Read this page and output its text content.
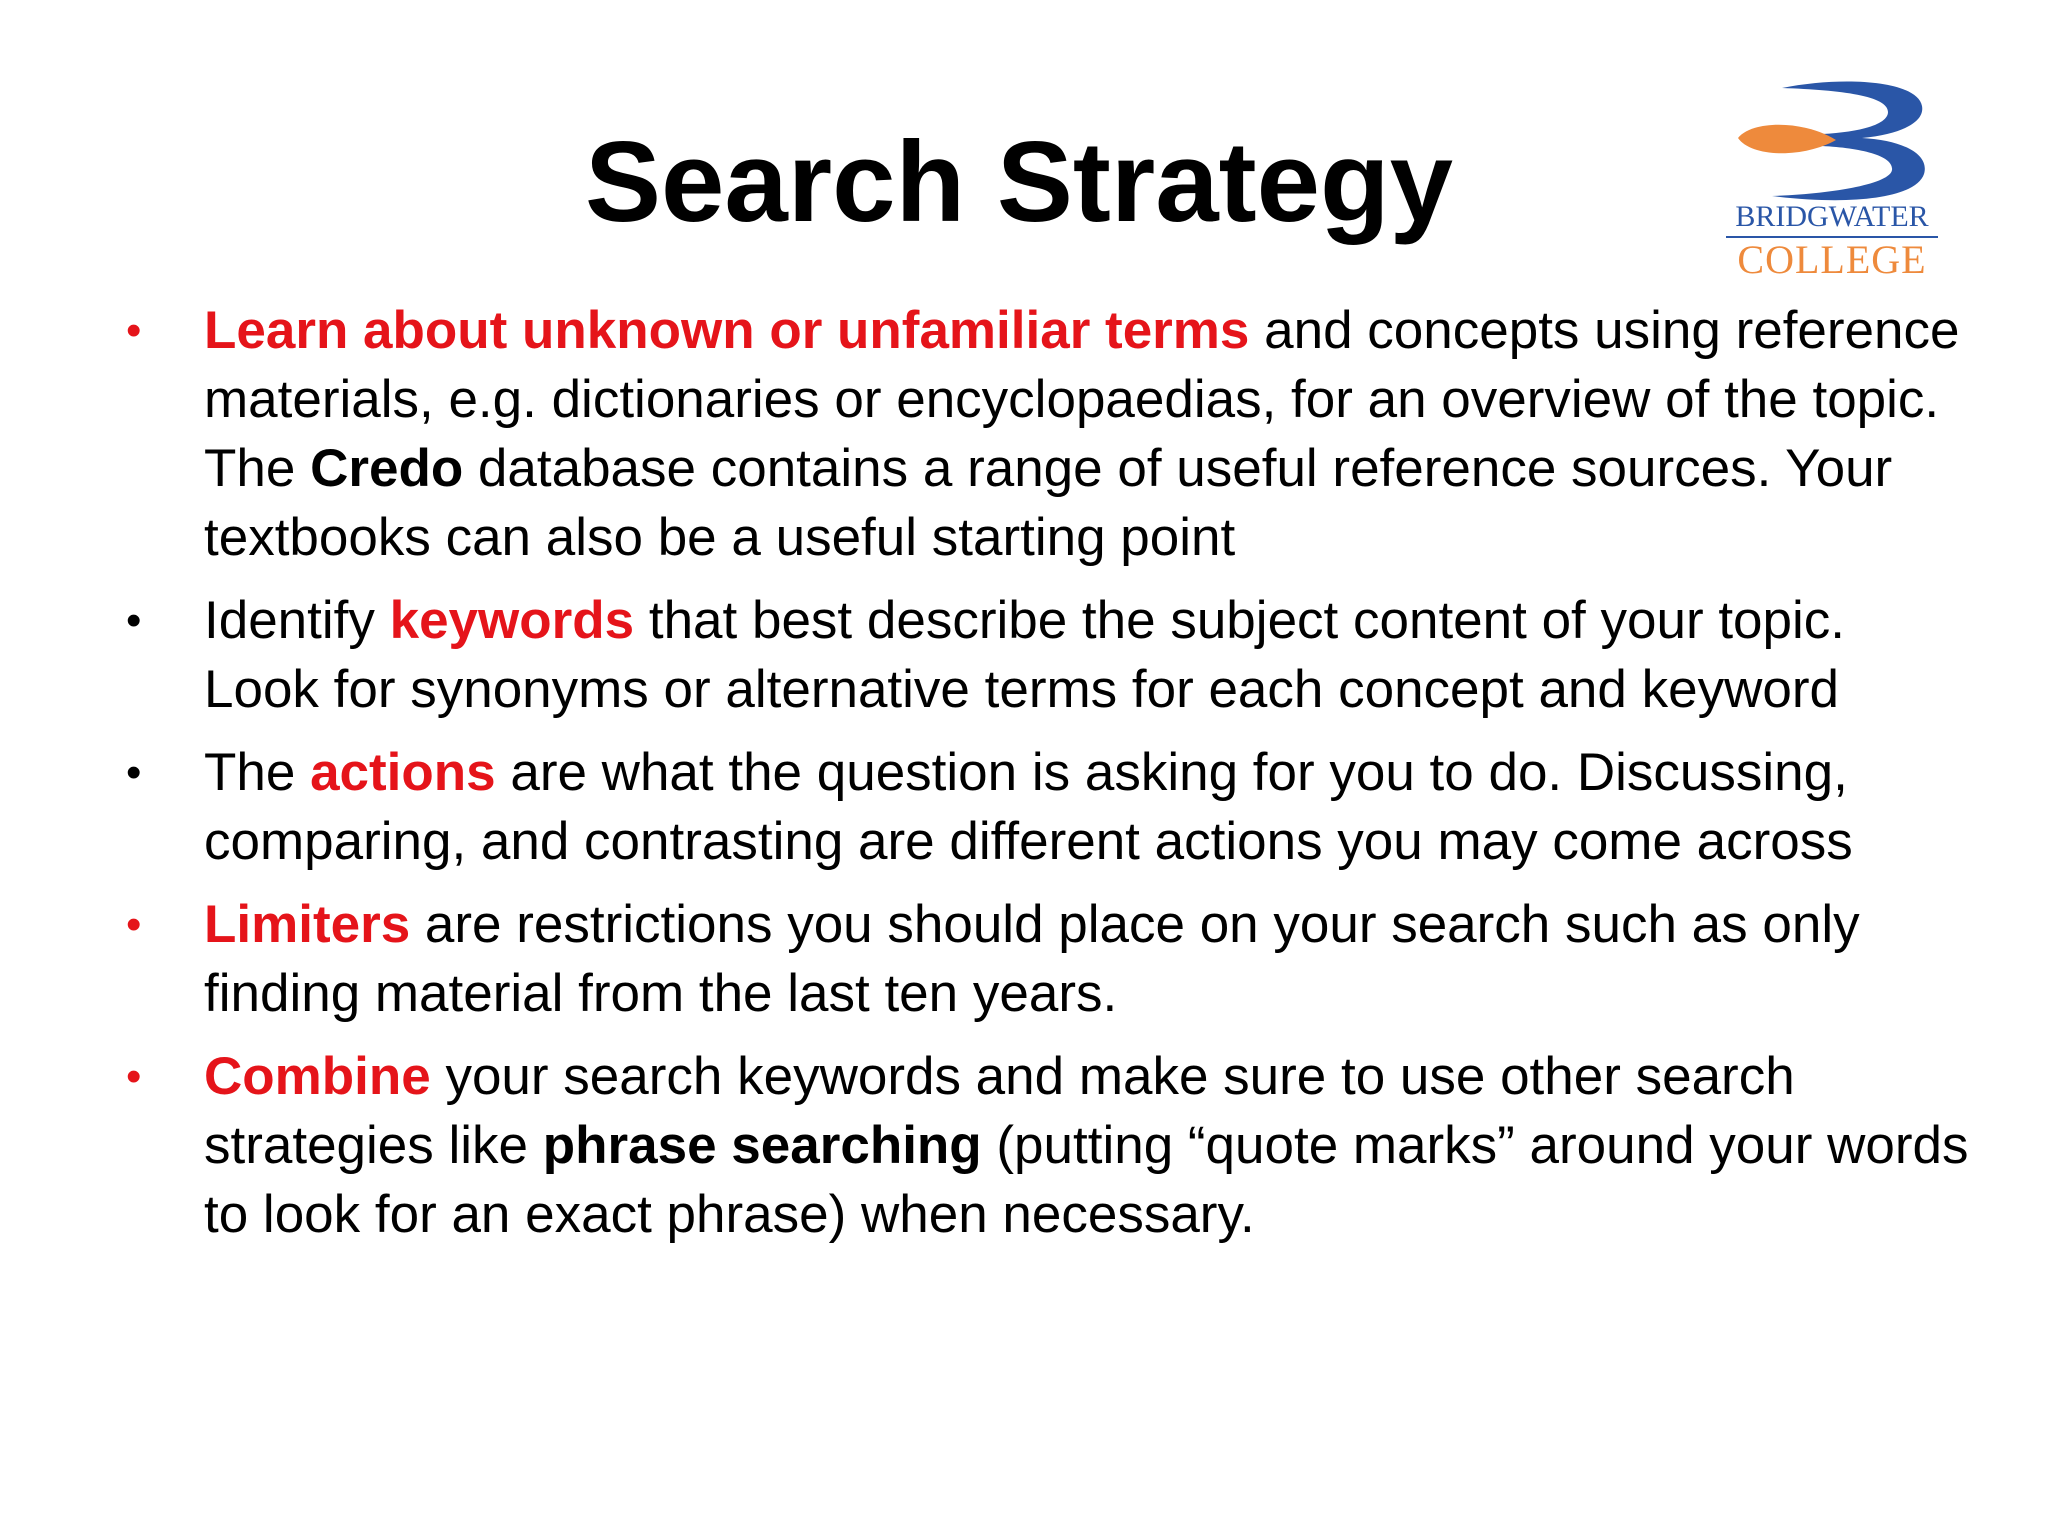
Search Strategy	BRIDGWATER
COLLEGE
• Learn about unknown or unfamiliar terms and concepts using reference materials, e.g. dictionaries or encyclopaedias, for an overview of the topic. The Credo database contains a range of useful reference sources. Your textbooks can also be a useful starting point
• Identify keywords that best describe the subject content of your topic. Look for synonyms or alternative terms for each concept and keyword
• The actions are what the question is asking for you to do. Discussing, comparing, and contrasting are different actions you may come across
• Limiters are restrictions you should place on your search such as only finding material from the last ten years.
• Combine your search keywords and make sure to use other search strategies like phrase searching (putting “quote marks” around your words to look for an exact phrase) when necessary.
